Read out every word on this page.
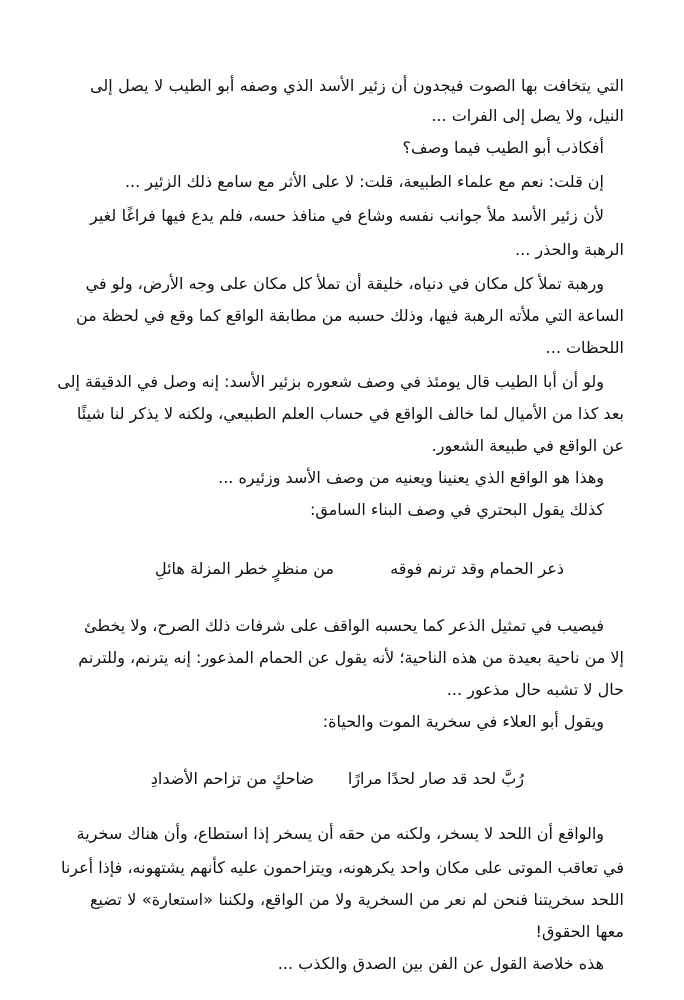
التي يتخافت بها الصوت فيجدون أن زئير الأسد الذي وصفه أبو الطيب لا يصل إلى
النيل، ولا يصل إلى الفرات ...
أفكاذب أبو الطيب فيما وصف؟
إن قلت: نعم مع علماء الطبيعة، قلت: لا على الأثر مع سامع ذلك الزئير ...
لأن زئير الأسد ملأ جوانب نفسه وشاع في منافذ حسه، فلم يدع فيها فراغًا لغير
الرهبة والحذر ...
ورهبة تملأ كل مكان في دنياه، خليقة أن تملأ كل مكان على وجه الأرض، ولو في
الساعة التي ملأته الرهبة فيها، وذلك حسبه من مطابقة الواقع كما وقع في لحظة من
اللحظات ...
ولو أن أبا الطيب قال يومئذ في وصف شعوره بزئير الأسد: إنه وصل في الدقيقة إلى
بعد كذا من الأميال لما خالف الواقع في حساب العلم الطبيعي، ولكنه لا يذكر لنا شيئًا
عن الواقع في طبيعة الشعور.
وهذا هو الواقع الذي يعنينا ويعنيه من وصف الأسد وزئيره ...
كذلك يقول البحتري في وصف البناء السامق:
ذعر الحمام وقد ترنم فوقه
من منظرٍ خطر المزلة هائلِ
فيصيب في تمثيل الذعر كما يحسبه الواقف على شرفات ذلك الصرح، ولا يخطئ
إلا من ناحية بعيدة من هذه الناحية؛ لأنه يقول عن الحمام المذعور: إنه يترنم، وللترنم
حال لا تشبه حال مذعور ...
ويقول أبو العلاء في سخرية الموت والحياة:
رُبَّ لحد قد صار لحدًا مرارًا
ضاحكٍ من تزاحم الأضدادِ
والواقع أن اللحد لا يسخر، ولكنه من حقه أن يسخر إذا استطاع، وأن هناك سخرية
في تعاقب الموتى على مكان واحد يكرهونه، ويتزاحمون عليه كأنهم يشتهونه، فإذا أعرنا
اللحد سخريتنا فنحن لم نعر من السخرية ولا من الواقع، ولكننا «استعارة» لا تضيع
معها الحقوق!
هذه خلاصة القول عن الفن بين الصدق والكذب ...
